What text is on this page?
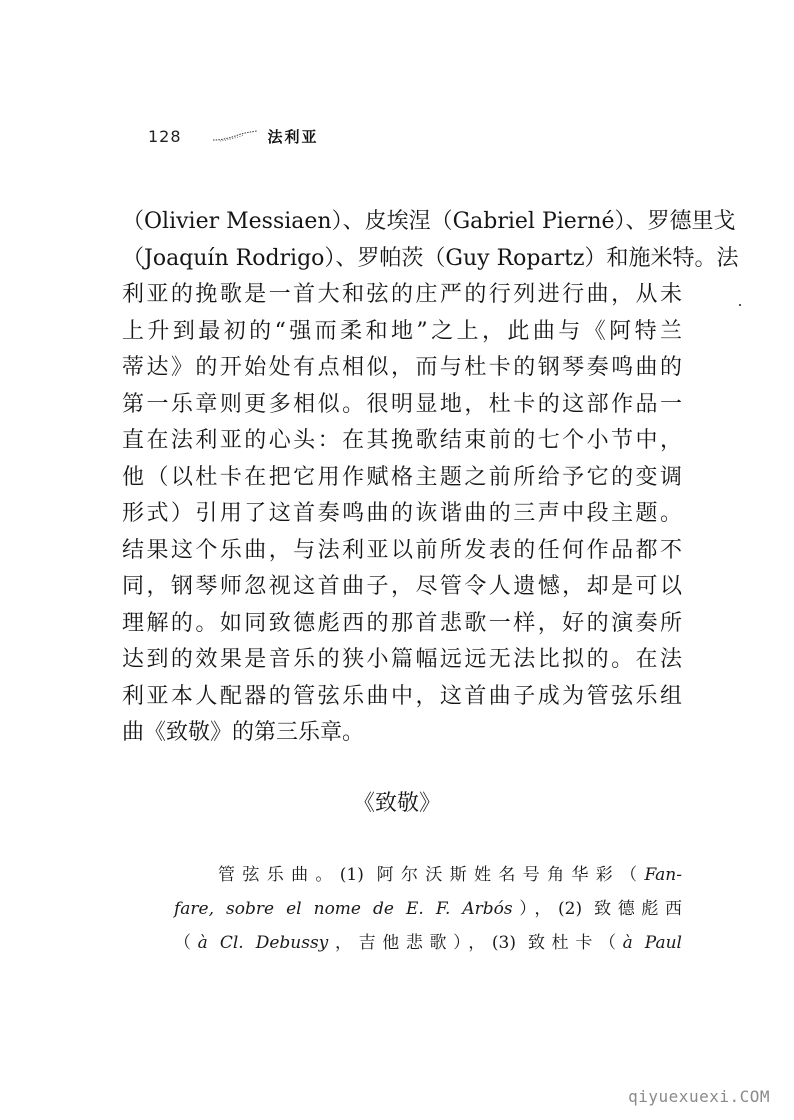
128	法利亚
（Olivier Messiaen）、皮埃涅（Gabriel Pierné）、罗德里戈
（Joaquín Rodrigo）、罗帕茨（Guy Ropartz）和施米特。法
利亚的挽歌是一首大和弦的庄严的行列进行曲，从未
上升到最初的“强而柔和地”之上，此曲与《阿特兰
蒂达》的开始处有点相似，而与杜卡的钢琴奏鸣曲的
第一乐章则更多相似。很明显地，杜卡的这部作品一
直在法利亚的心头：在其挽歌结束前的七个小节中，
他（以杜卡在把它用作赋格主题之前所给予它的变调
形式）引用了这首奏鸣曲的诙谐曲的三声中段主题。
结果这个乐曲，与法利亚以前所发表的任何作品都不
同，钢琴师忽视这首曲子，尽管令人遗憾，却是可以
理解的。如同致德彪西的那首悲歌一样，好的演奏所
达到的效果是音乐的狭小篇幅远远无法比拟的。在法
利亚本人配器的管弦乐曲中，这首曲子成为管弦乐组
曲《致敬》的第三乐章。
《致敬》
管弦乐曲。(1) 阿尔沃斯姓名号角华彩（Fan-
fare, sobre el nome de E. F. Arbós），(2) 致德彪西
（à Cl. Debussy，吉他悲歌），(3) 致杜卡（à Paul
qiyuexuexi.COM
